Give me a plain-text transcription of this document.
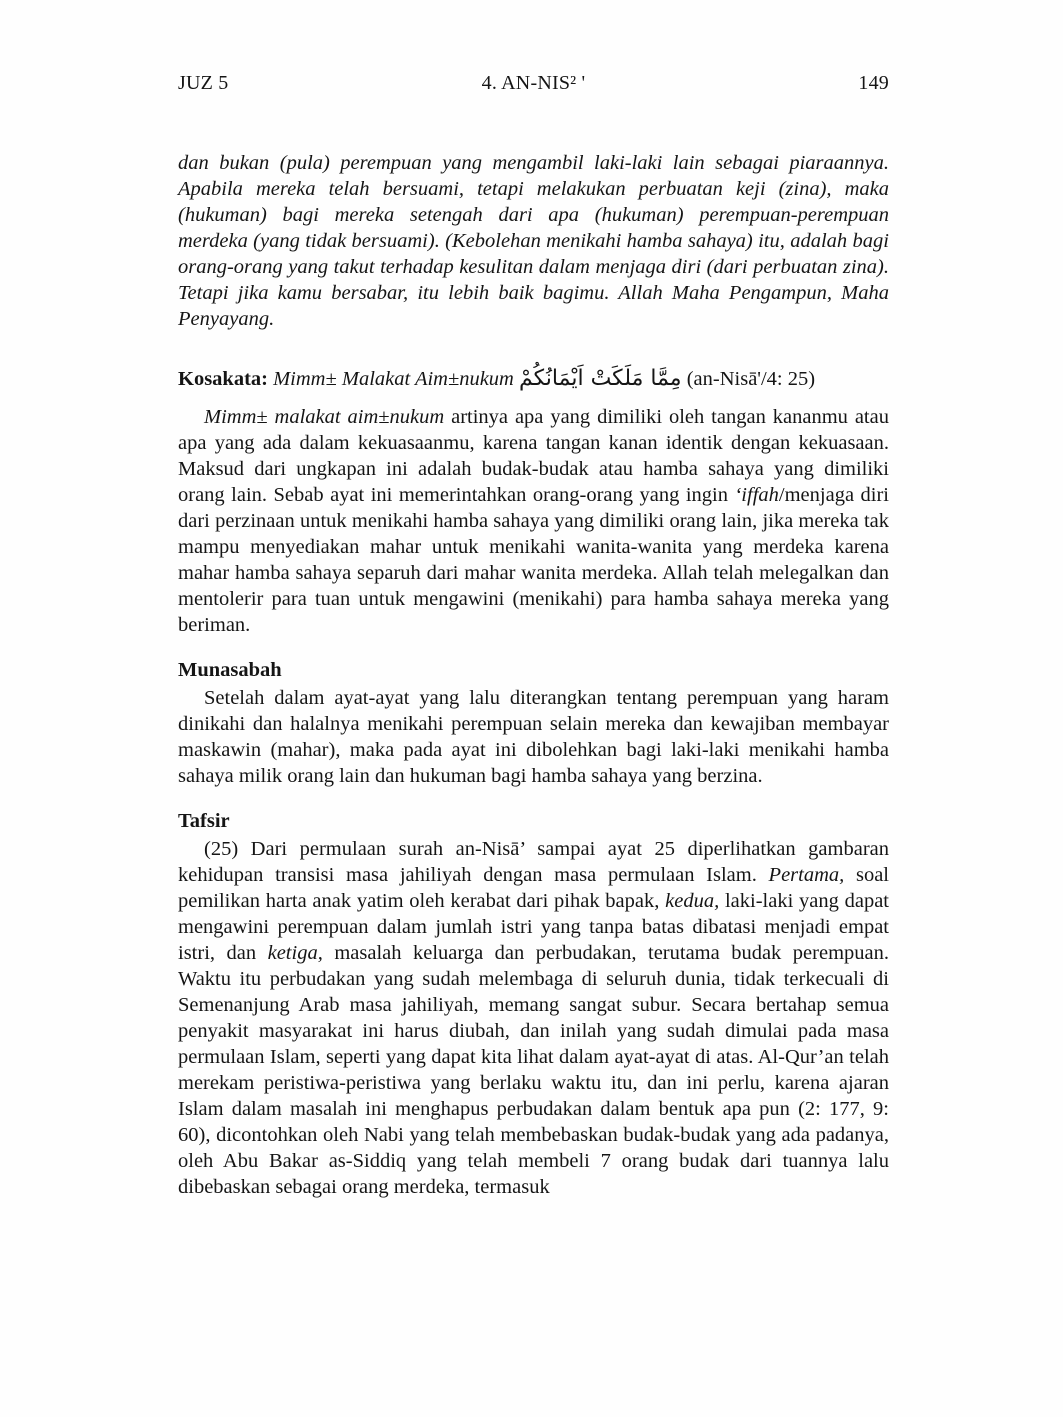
JUZ 5	4. AN-NIS² '	149

dan bukan (pula) perempuan yang mengambil laki-laki lain sebagai piaraannya. Apabila mereka telah bersuami, tetapi melakukan perbuatan keji (zina), maka (hukuman) bagi mereka setengah dari apa (hukuman) perempuan-perempuan merdeka (yang tidak bersuami). (Kebolehan menikahi hamba sahaya) itu, adalah bagi orang-orang yang takut terhadap kesulitan dalam menjaga diri (dari perbuatan zina). Tetapi jika kamu bersabar, itu lebih baik bagimu. Allah Maha Pengampun, Maha Penyayang.

Kosakata: Mimm± Malakat Aim±nukum مِمَّا مَلَكَتْ اَيْمَانُكُمْ (an-Nisā'/4: 25)

Mimm± malakat aim±nukum artinya apa yang dimiliki oleh tangan kananmu atau apa yang ada dalam kekuasaanmu, karena tangan kanan identik dengan kekuasaan. Maksud dari ungkapan ini adalah budak-budak atau hamba sahaya yang dimiliki orang lain. Sebab ayat ini memerintahkan orang-orang yang ingin ‘iffah/menjaga diri dari perzinaan untuk menikahi hamba sahaya yang dimiliki orang lain, jika mereka tak mampu menyediakan mahar untuk menikahi wanita-wanita yang merdeka karena mahar hamba sahaya separuh dari mahar wanita merdeka. Allah telah melegalkan dan mentolerir para tuan untuk mengawini (menikahi) para hamba sahaya mereka yang beriman.

Munasabah

Setelah dalam ayat-ayat yang lalu diterangkan tentang perempuan yang haram dinikahi dan halalnya menikahi perempuan selain mereka dan kewajiban membayar maskawin (mahar), maka pada ayat ini dibolehkan bagi laki-laki menikahi hamba sahaya milik orang lain dan hukuman bagi hamba sahaya yang berzina.

Tafsir

(25) Dari permulaan surah an-Nisā’ sampai ayat 25 diperlihatkan gambaran kehidupan transisi masa jahiliyah dengan masa permulaan Islam. Pertama, soal pemilikan harta anak yatim oleh kerabat dari pihak bapak, kedua, laki-laki yang dapat mengawini perempuan dalam jumlah istri yang tanpa batas dibatasi menjadi empat istri, dan ketiga, masalah keluarga dan perbudakan, terutama budak perempuan. Waktu itu perbudakan yang sudah melembaga di seluruh dunia, tidak terkecuali di Semenanjung Arab masa jahiliyah, memang sangat subur. Secara bertahap semua penyakit masyarakat ini harus diubah, dan inilah yang sudah dimulai pada masa permulaan Islam, seperti yang dapat kita lihat dalam ayat-ayat di atas. Al-Qur’an telah merekam peristiwa-peristiwa yang berlaku waktu itu, dan ini perlu, karena ajaran Islam dalam masalah ini menghapus perbudakan dalam bentuk apa pun (2: 177, 9: 60), dicontohkan oleh Nabi yang telah membebaskan budak-budak yang ada padanya, oleh Abu Bakar as-Siddiq yang telah membeli 7 orang budak dari tuannya lalu dibebaskan sebagai orang merdeka, termasuk
